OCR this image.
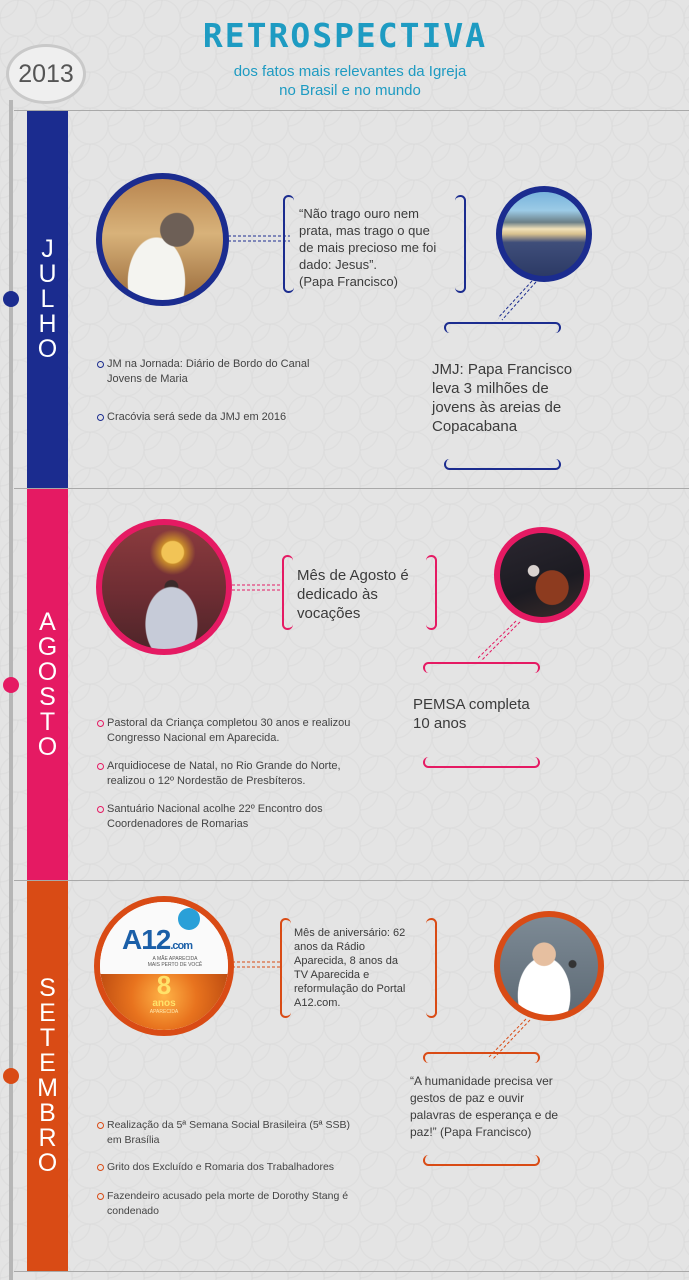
2013
RETROSPECTIVA
dos fatos mais relevantes da Igreja
no Brasil e no mundo
J
U
L
H
O
“Não trago ouro nem
prata, mas trago o que
de mais precioso me foi
dado: Jesus”.
(Papa Francisco)
JMJ: Papa Francisco
leva 3 milhões de
jovens às areias de
Copacabana
JM na Jornada: Diário de Bordo do Canal
Jovens de Maria
Cracóvia será sede da JMJ em 2016
A
G
O
S
T
O
Mês de Agosto é
dedicado às
vocações
PEMSA completa
10 anos
Pastoral da Criança completou 30 anos e realizou
Congresso Nacional em Aparecida.
Arquidiocese de Natal, no Rio Grande do Norte,
realizou o 12º Nordestão de Presbíteros.
Santuário Nacional acolhe 22º Encontro dos
Coordenadores de Romarias
S
E
T
E
M
B
R
O
A12.com
A MÃE APARECIDA
MAIS PERTO DE VOCÊ
8
anos
APARECIDA
Mês de aniversário: 62
anos da Rádio
Aparecida, 8 anos da
TV Aparecida e
reformulação do Portal
A12.com.
“A humanidade precisa ver
gestos de paz e ouvir
palavras de esperança e de
paz!” (Papa Francisco)
Realização da 5ª Semana Social Brasileira (5ª SSB)
em Brasília
Grito dos Excluído e Romaria dos Trabalhadores
Fazendeiro acusado pela morte de Dorothy Stang é
condenado
